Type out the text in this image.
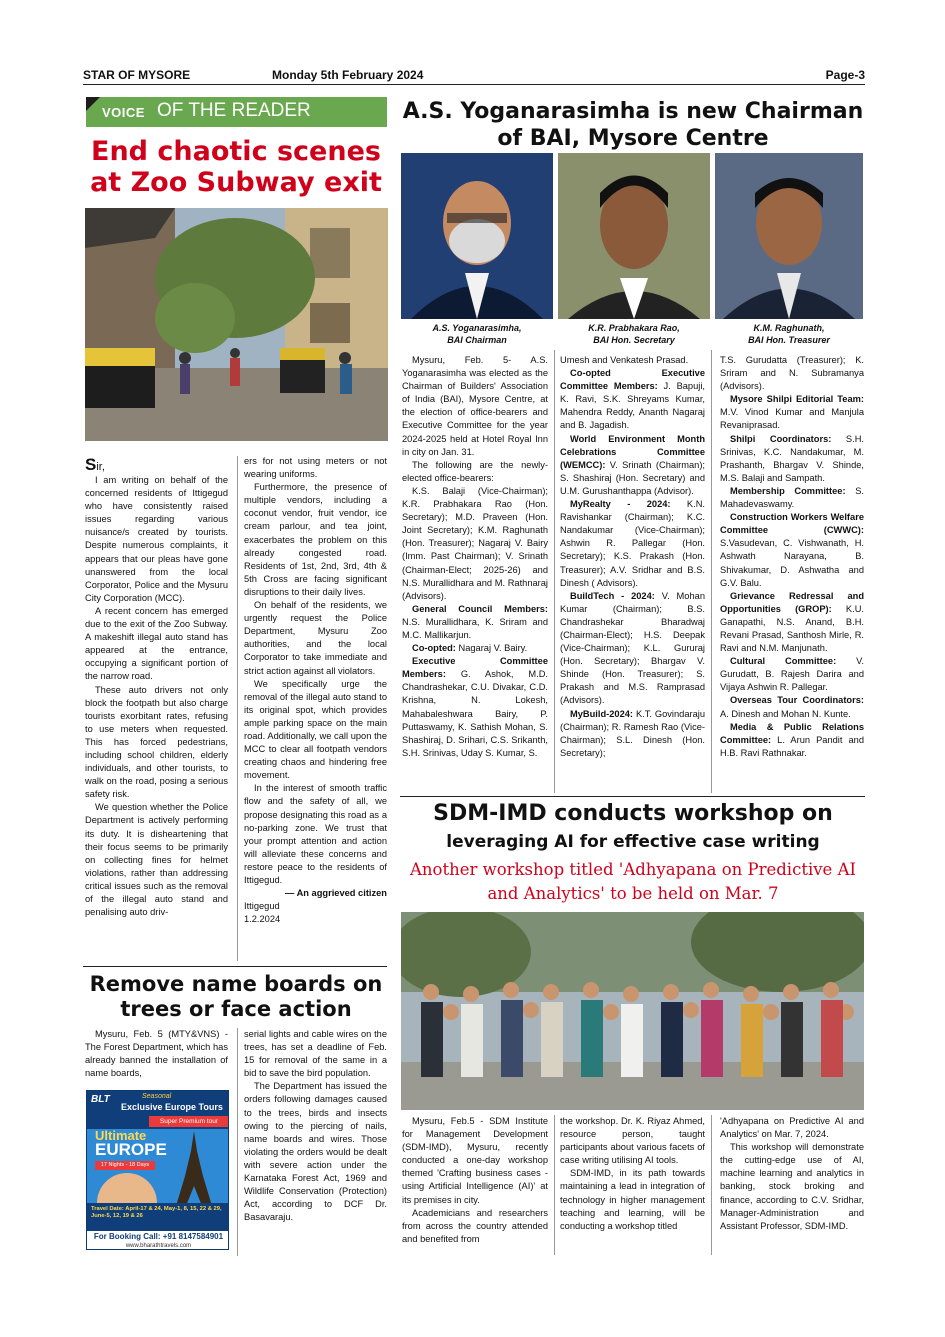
STAR OF MYSORE	Monday 5th February 2024	Page-3
VOICE OF THE READER
End chaotic scenes
at Zoo Subway exit
Sir,

I am writing on behalf of the concerned residents of Ittigegud who have consistently raised issues regarding various nuisance/s created by tourists. Despite numerous complaints, it appears that our pleas have gone unanswered from the local Corporator, Police and the Mysuru City Corporation (MCC).

A recent concern has emerged due to the exit of the Zoo Subway. A makeshift illegal auto stand has appeared at the entrance, occupying a significant portion of the narrow road.

These auto drivers not only block the footpath but also charge tourists exorbitant rates, refusing to use meters when requested. This has forced pedestrians, including school children, elderly individuals, and other tourists, to walk on the road, posing a serious safety risk.

We question whether the Police Department is actively performing its duty. It is disheartening that their focus seems to be primarily on collecting fines for helmet violations, rather than addressing critical issues such as the removal of the illegal auto stand and penalising auto driv-

ers for not using meters or not wearing uniforms.

Furthermore, the presence of multiple vendors, including a coconut vendor, fruit vendor, ice cream parlour, and tea joint, exacerbates the problem on this already congested road. Residents of 1st, 2nd, 3rd, 4th & 5th Cross are facing significant disruptions to their daily lives.

On behalf of the residents, we urgently request the Police Department, Mysuru Zoo authorities, and the local Corporator to take immediate and strict action against all violators.

We specifically urge the removal of the illegal auto stand to its original spot, which provides ample parking space on the main road. Additionally, we call upon the MCC to clear all footpath vendors creating chaos and hindering free movement.

In the interest of smooth traffic flow and the safety of all, we propose designating this road as a no-parking zone. We trust that your prompt attention and action will alleviate these concerns and restore peace to the residents of Ittigegud.

— An aggrieved citizen
Ittigegud
1.2.2024
Remove name boards on
trees or face action

Mysuru, Feb. 5 (MTY&VNS) - The Forest Department, which has already banned the installation of name boards,

serial lights and cable wires on the trees, has set a deadline of Feb. 15 for removal of the same in a bid to save the bird population.

The Department has issued the orders following damages caused to the trees, birds and insects owing to the piercing of nails, name boards and wires. Those violating the orders would be dealt with severe action under the Karnataka Forest Act, 1969 and Wildlife Conservation (Protection) Act, according to DCF Dr. Basavaraju.

BLT	Seasonal
Exclusive Europe Tours
Super Premium tour
Ultimate
EUROPE
17 Nights - 18 Days
Travel Date: April-17 & 24, May-1, 8, 15, 22 & 29, June-5, 12, 19 & 26
For Booking Call: +91 8147584901
www.bharathtravels.com
A.S. Yoganarasimha is new Chairman
of BAI, Mysore Centre
A.S. Yoganarasimha,
BAI Chairman
K.R. Prabhakara Rao,
BAI Hon. Secretary
K.M. Raghunath,
BAI Hon. Treasurer

Mysuru, Feb. 5- A.S. Yoganarasimha was elected as the Chairman of Builders' Association of India (BAI), Mysore Centre, at the election of office-bearers and Executive Committee for the year 2024-2025 held at Hotel Royal Inn in city on Jan. 31.

The following are the newly-elected office-bearers:

K.S. Balaji (Vice-Chairman); K.R. Prabhakara Rao (Hon. Secretary); M.D. Praveen (Hon. Joint Secretary); K.M. Raghunath (Hon. Treasurer); Nagaraj V. Bairy (Imm. Past Chairman); V. Srinath (Chairman-Elect; 2025-26) and N.S. Murallidhara and M. Rathnaraj (Advisors).

General Council Members: N.S. Murallidhara, K. Sriram and M.C. Mallikarjun.

Co-opted: Nagaraj V. Bairy.

Executive Committee Members: G. Ashok, M.D. Chandrashekar, C.U. Divakar, C.D. Krishna, N. Lokesh, Mahabaleshwara Bairy, P. Puttaswamy, K. Sathish Mohan, S. Shashiraj, D. Srihari, C.S. Srikanth, S.H. Srinivas, Uday S. Kumar, S.

Umesh and Venkatesh Prasad.

Co-opted Executive Committee Members: J. Bapuji, K. Ravi, S.K. Shreyams Kumar, Mahendra Reddy, Ananth Nagaraj and B. Jagadish.

World Environment Month Celebrations Committee (WEMCC): V. Srinath (Chairman); S. Shashiraj (Hon. Secretary) and U.M. Gurushanthappa (Advisor).

MyRealty - 2024: K.N. Ravishankar (Chairman); K.C. Nandakumar (Vice-Chairman); Ashwin R. Pallegar (Hon. Secretary); K.S. Prakash (Hon. Treasurer); A.V. Sridhar and B.S. Dinesh ( Advisors).

BuildTech - 2024: V. Mohan Kumar (Chairman); B.S. Chandrashekar Bharadwaj (Chairman-Elect); H.S. Deepak (Vice-Chairman); K.L. Gururaj (Hon. Secretary); Bhargav V. Shinde (Hon. Treasurer); S. Prakash and M.S. Ramprasad (Advisors).

MyBuild-2024: K.T. Govindaraju (Chairman); R. Ramesh Rao (Vice-Chairman); S.L. Dinesh (Hon. Secretary);

T.S. Gurudatta (Treasurer); K. Sriram and N. Subramanya (Advisors).

Mysore Shilpi Editorial Team: M.V. Vinod Kumar and Manjula Revaniprasad.

Shilpi Coordinators: S.H. Srinivas, K.C. Nandakumar, M. Prashanth, Bhargav V. Shinde, M.S. Balaji and Sampath.

Membership Committee: S. Mahadevaswamy.

Construction Workers Welfare Committee (CWWC): S.Vasudevan, C. Vishwanath, H. Ashwath Narayana, B. Shivakumar, D. Ashwatha and G.V. Balu.

Grievance Redressal and Opportunities (GROP): K.U. Ganapathi, N.S. Anand, B.H. Revani Prasad, Santhosh Mirle, R. Ravi and N.M. Manjunath.

Cultural Committee: V. Gurudatt, B. Rajesh Darira and Vijaya Ashwin R. Pallegar.

Overseas Tour Coordinators: A. Dinesh and Mohan N. Kunte.

Media & Public Relations Committee: L. Arun Pandit and H.B. Ravi Rathnakar.

SDM-IMD conducts workshop on
leveraging AI for effective case writing
Another workshop titled 'Adhyapana on Predictive AI
and Analytics' to be held on Mar. 7

Mysuru, Feb.5 - SDM Institute for Management Development (SDM-IMD), Mysuru, recently conducted a one-day workshop themed 'Crafting business cases - using Artificial Intelligence (AI)' at its premises in city.

Academicians and researchers from across the country attended and benefited from

the workshop. Dr. K. Riyaz Ahmed, resource person, taught participants about various facets of case writing utilising AI tools.

SDM-IMD, in its path towards maintaining a lead in integration of technology in higher management teaching and learning, will be conducting a workshop titled

'Adhyapana on Predictive AI and Analytics' on Mar. 7, 2024.

This workshop will demonstrate the cutting-edge use of AI, machine learning and analytics in banking, stock broking and finance, according to C.V. Sridhar, Manager-Administration and Assistant Professor, SDM-IMD.
